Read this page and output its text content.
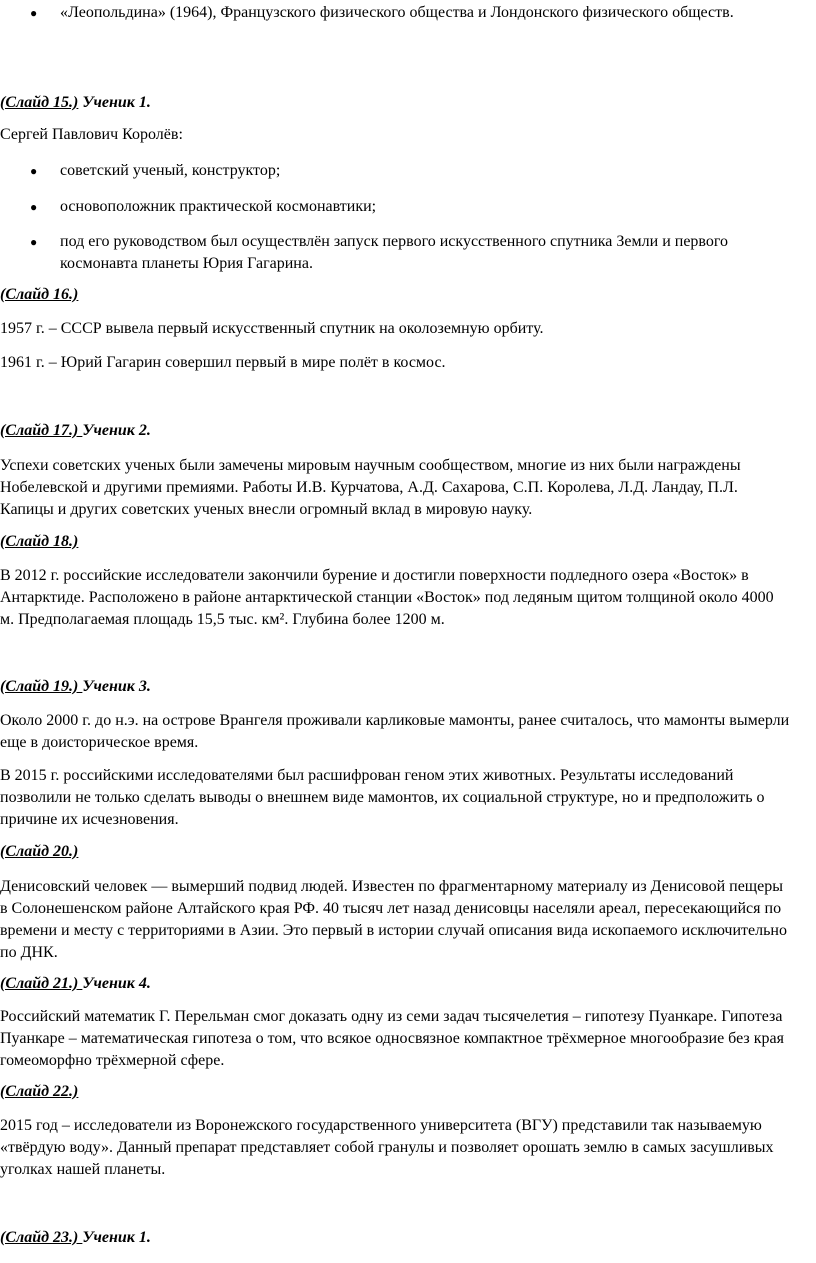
● «Леопольдина» (1964), Французского физического общества и Лондонского физического обществ.

(Слайд 15.) Ученик 1.

Сергей Павлович Королёв:

● советский ученый, конструктор;

● основоположник практической космонавтики;

● под его руководством был осуществлён запуск первого искусственного спутника Земли и первого космонавта планеты Юрия Гагарина.

(Слайд 16.)

1957 г. – СССР вывела первый искусственный спутник на околоземную орбиту.

1961 г. – Юрий Гагарин совершил первый в мире полёт в космос.

(Слайд 17.) Ученик 2.

Успехи советских ученых были замечены мировым научным сообществом, многие из них были награждены Нобелевской и другими премиями. Работы И.В. Курчатова, А.Д. Сахарова, С.П. Королева, Л.Д. Ландау, П.Л. Капицы и других советских ученых внесли огромный вклад в мировую науку.

(Слайд 18.)

В 2012 г. российские исследователи закончили бурение и достигли поверхности подледного озера «Восток» в Антарктиде. Расположено в районе антарктической станции «Восток» под ледяным щитом толщиной около 4000 м. Предполагаемая площадь 15,5 тыс. км². Глубина более 1200 м.

(Слайд 19.) Ученик 3.

Около 2000 г. до н.э. на острове Врангеля проживали карликовые мамонты, ранее считалось, что мамонты вымерли еще в доисторическое время.

В 2015 г. российскими исследователями был расшифрован геном этих животных. Результаты исследований позволили не только сделать выводы о внешнем виде мамонтов, их социальной структуре, но и предположить о причине их исчезновения.

(Слайд 20.)

Денисовский человек — вымерший подвид людей. Известен по фрагментарному материалу из Денисовой пещеры в Солонешенском районе Алтайского края РФ. 40 тысяч лет назад денисовцы населяли ареал, пересекающийся по времени и месту с территориями в Азии. Это первый в истории случай описания вида ископаемого исключительно по ДНК.

(Слайд 21.) Ученик 4.

Российский математик Г. Перельман смог доказать одну из семи задач тысячелетия – гипотезу Пуанкаре. Гипотеза Пуанкаре – математическая гипотеза о том, что всякое односвязное компактное трёхмерное многообразие без края гомеоморфно трёхмерной сфере.

(Слайд 22.)

2015 год – исследователи из Воронежского государственного университета (ВГУ) представили так называемую «твёрдую воду». Данный препарат представляет собой гранулы и позволяет орошать землю в самых засушливых уголках нашей планеты.

(Слайд 23.) Ученик 1.
